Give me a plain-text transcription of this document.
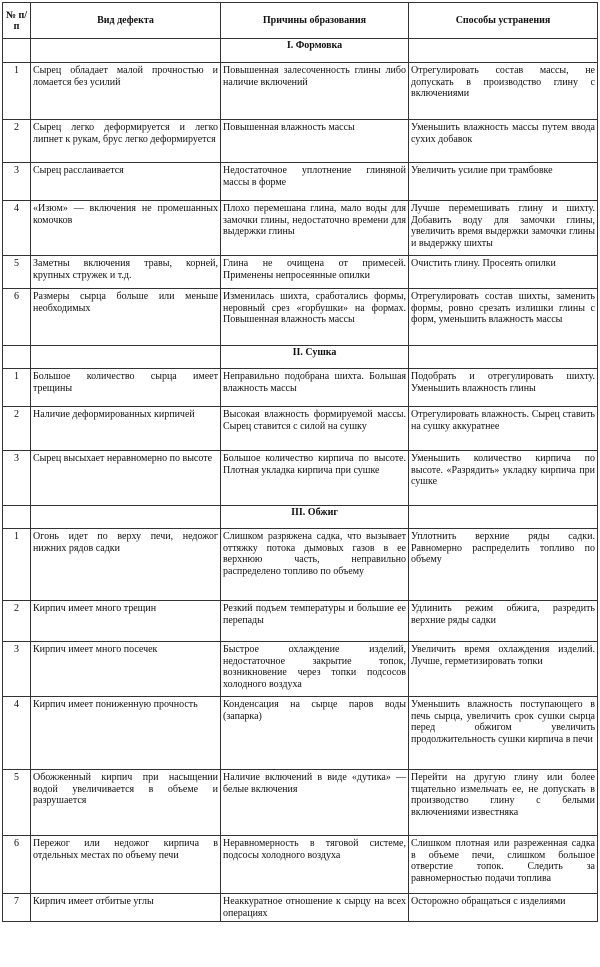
№ п/п	Вид дефекта	Причины образования	Способы устранения
		I. Формовка	
1	Сырец обладает малой прочностью и ломается без усилий	Повышенная залесоченность глины либо наличие включений	Отрегулировать состав массы, не допускать в производство глину с включениями
2	Сырец легко деформируется и легко липнет к рукам, брус легко деформируется	Повышенная влажность массы	Уменьшить влажность массы путем ввода сухих добавок
3	Сырец расслаивается	Недостаточное уплотнение глиняной массы в форме	Увеличить усилие при трамбовке
4	«Изюм» — включения не промешанных комочков	Плохо перемешана глина, мало воды для замочки глины, недостаточно времени для выдержки глины	Лучше перемешивать глину и шихту. Добавить воду для замочки глины, увеличить время выдержки замочки глины и выдержку шихты
5	Заметны включения травы, корней, крупных стружек и т.д.	Глина не очищена от примесей. Применены непросеянные опилки	Очистить глину. Просеять опилки
6	Размеры сырца больше или меньше необходимых	Изменилась шихта, сработались формы, неровный срез «горбушки» на формах. Повышенная влажность массы	Отрегулировать состав шихты, заменить формы, ровно срезать излишки глины с форм, уменьшить влажность массы
		II. Сушка	
1	Большое количество сырца имеет трещины	Неправильно подобрана шихта. Большая влажность массы	Подобрать и отрегулировать шихту. Уменьшить влажность глины
2	Наличие деформированных кирпичей	Высокая влажность формируемой массы. Сырец ставится с силой на сушку	Отрегулировать влажность. Сырец ставить на сушку аккуратнее
3	Сырец высыхает неравномерно по высоте	Большое количество кирпича по высоте. Плотная укладка кирпича при сушке	Уменьшить количество кирпича по высоте. «Разрядить» укладку кирпича при сушке
		III. Обжиг	
1	Огонь идет по верху печи, недожог нижних рядов садки	Слишком разряжена садка, что вызывает оттяжку потока дымовых газов в ее верхнюю часть, неправильно распределено топливо по объему	Уплотнить верхние ряды садки. Равномерно распределить топливо по объему
2	Кирпич имеет много трещин	Резкий подъем температуры и большие ее перепады	Удлинить режим обжига, разредить верхние ряды садки
3	Кирпич имеет много посечек	Быстрое охлаждение изделий, недостаточное закрытие топок, возникновение через топки подсосов холодного воздуха	Увеличить время охлаждения изделий. Лучше, герметизировать топки
4	Кирпич имеет пониженную прочность	Конденсация на сырце паров воды (запарка)	Уменьшить влажность поступающего в печь сырца, увеличить срок сушки сырца перед обжигом увеличить продолжительность сушки кирпича в печи
5	Обожженный кирпич при насыщении водой увеличивается в объеме и разрушается	Наличие включений в виде «дутика» — белые включения	Перейти на другую глину или более тщательно измельчать ее, не допускать в производство глину с белыми включениями известняка
6	Пережог или недожог кирпича в отдельных местах по объему печи	Неравномерность в тяговой системе, подсосы холодного воздуха	Слишком плотная или разреженная садка в объеме печи, слишком большое отверстие топок. Следить за равномерностью подачи топлива
7	Кирпич имеет отбитые углы	Неаккуратное отношение к сырцу на всех операциях	Осторожно обращаться с изделиями
